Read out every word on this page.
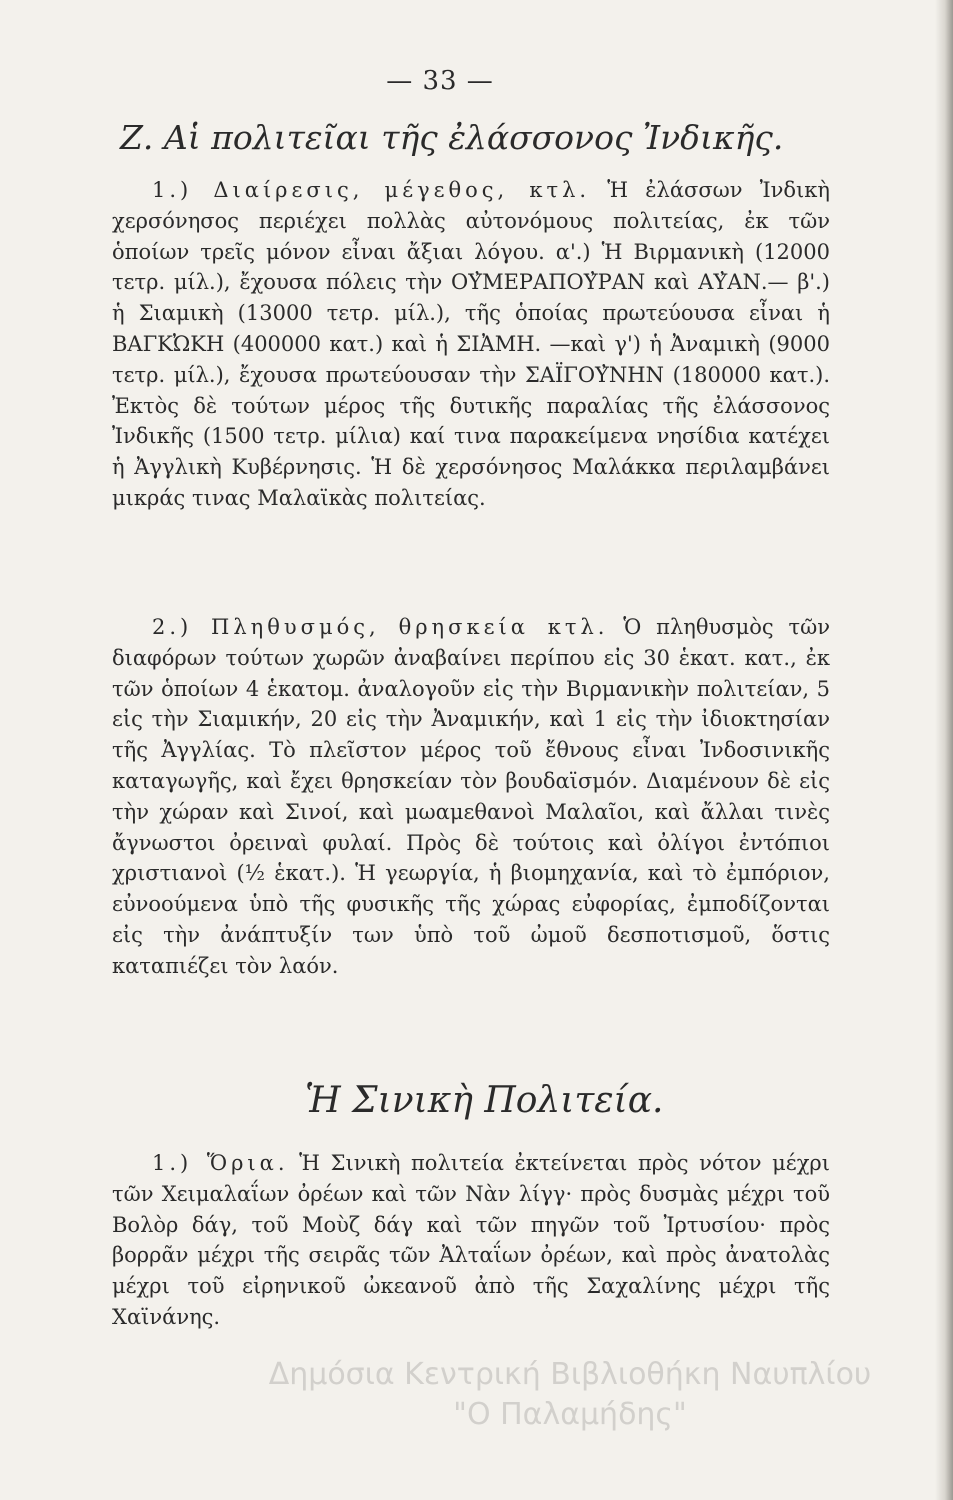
— 33 —
Ζ. Αἱ πολιτεῖαι τῆς ἐλάσσονος Ἰνδικῆς.
1.) Διαίρεσις, μέγεθος, κτλ. Ἡ ἐλάσσων Ἰνδικὴ χερσόνησος περιέχει πολλὰς αὐτονόμους πολιτείας, ἐκ τῶν ὁποίων τρεῖς μόνον εἶναι ἄξιαι λόγου. α'.) Ἡ Βιρμανικὴ (12000 τετρ. μίλ.), ἔχουσα πόλεις τὴν ΟΥ̓ΜΕΡΑΠΟΥ̓ΡΑΝ καὶ ΑΥ̓ΑΝ.— β'.) ἡ Σιαμικὴ (13000 τετρ. μίλ.), τῆς ὁποίας πρωτεύουσα εἶναι ἡ ΒΑΓΚὨΚΗ (400000 κατ.) καὶ ἡ ΣΙἈΜΗ. —καὶ γ') ἡ Ἀναμικὴ (9000 τετρ. μίλ.), ἔχουσα πρωτεύουσαν τὴν ΣΑΪΓΟΥ̓ΝΗΝ (180000 κατ.). Ἐκτὸς δὲ τούτων μέρος τῆς δυτικῆς παραλίας τῆς ἐλάσσονος Ἰνδικῆς (1500 τετρ. μίλια) καί τινα παρακείμενα νησίδια κατέχει ἡ Ἀγγλικὴ Κυβέρνησις. Ἡ δὲ χερσόνησος Μαλάκκα περιλαμβάνει μικράς τινας Μαλαϊκὰς πολιτείας.
2.) Πληθυσμός, θρησκεία κτλ. Ὁ πληθυσμὸς τῶν διαφόρων τούτων χωρῶν ἀναβαίνει περίπου εἰς 30 ἑκατ. κατ., ἐκ τῶν ὁποίων 4 ἑκατομ. ἀναλογοῦν εἰς τὴν Βιρμανικὴν πολιτείαν, 5 εἰς τὴν Σιαμικήν, 20 εἰς τὴν Ἀναμικήν, καὶ 1 εἰς τὴν ἰδιοκτησίαν τῆς Ἀγγλίας. Τὸ πλεῖστον μέρος τοῦ ἔθνους εἶναι Ἰνδοσινικῆς καταγωγῆς, καὶ ἔχει θρησκείαν τὸν βουδαϊσμόν. Διαμένουν δὲ εἰς τὴν χώραν καὶ Σινοί, καὶ μωαμεθανοὶ Μαλαῖοι, καὶ ἄλλαι τινὲς ἄγνωστοι ὀρειναὶ φυλαί. Πρὸς δὲ τούτοις καὶ ὀλίγοι ἐντόπιοι χριστιανοὶ (½ ἑκατ.). Ἡ γεωργία, ἡ βιομηχανία, καὶ τὸ ἐμπόριον, εὐνοούμενα ὑπὸ τῆς φυσικῆς τῆς χώρας εὐφορίας, ἐμποδίζονται εἰς τὴν ἀνάπτυξίν των ὑπὸ τοῦ ὠμοῦ δεσποτισμοῦ, ὅστις καταπιέζει τὸν λαόν.
Ἡ Σινικὴ Πολιτεία.
1.) Ὅρια. Ἡ Σινικὴ πολιτεία ἐκτείνεται πρὸς νότον μέχρι τῶν Χειμαλαΐων ὀρέων καὶ τῶν Νὰν λίγγ· πρὸς δυσμὰς μέχρι τοῦ Βολὸρ δάγ, τοῦ Μοὺζ δάγ καὶ τῶν πηγῶν τοῦ Ἰρτυσίου· πρὸς βορρᾶν μέχρι τῆς σειρᾶς τῶν Ἀλταΐων ὀρέων, καὶ πρὸς ἀνατολὰς μέχρι τοῦ εἰρηνικοῦ ὠκεανοῦ ἀπὸ τῆς Σαχαλίνης μέχρι τῆς Χαϊνάνης.
Δημόσια Κεντρική Βιβλιοθήκη Ναυπλίου
"Ο Παλαμήδης"
